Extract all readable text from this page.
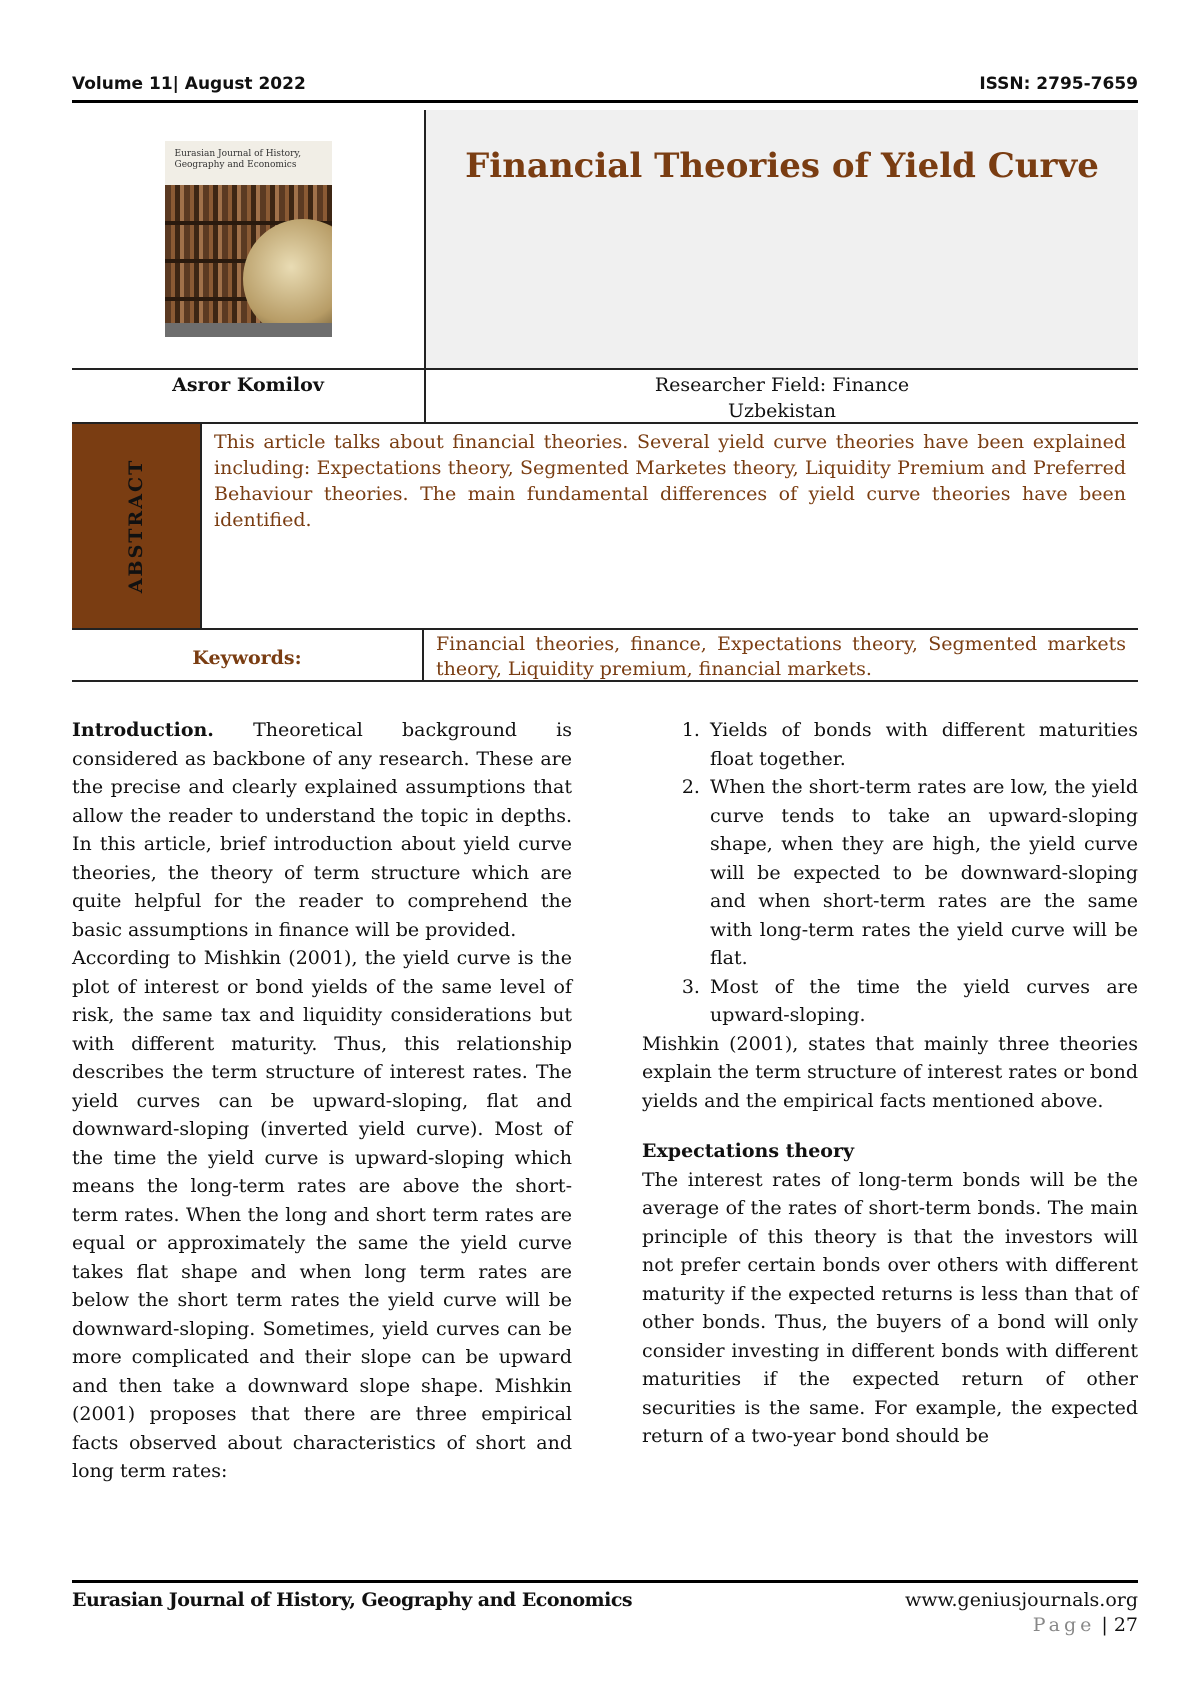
Volume 11| August 2022	ISSN: 2795-7659
Eurasian Journal of History, Geography and Economics	Financial Theories of Yield Curve
Asror Komilov	Researcher Field: Finance
Uzbekistan
ABSTRACT
This article talks about financial theories. Several yield curve theories have been explained including: Expectations theory, Segmented Marketes theory, Liquidity Premium and Preferred Behaviour theories. The main fundamental differences of yield curve theories have been identified.
Keywords:
Financial theories, finance, Expectations theory, Segmented markets theory, Liquidity premium, financial markets.

Introduction. Theoretical background is considered as backbone of any research. These are the precise and clearly explained assumptions that allow the reader to understand the topic in depths. In this article, brief introduction about yield curve theories, the theory of term structure which are quite helpful for the reader to comprehend the basic assumptions in finance will be provided.

According to Mishkin (2001), the yield curve is the plot of interest or bond yields of the same level of risk, the same tax and liquidity considerations but with different maturity. Thus, this relationship describes the term structure of interest rates. The yield curves can be upward-sloping, flat and downward-sloping (inverted yield curve). Most of the time the yield curve is upward-sloping which means the long-term rates are above the short-term rates. When the long and short term rates are equal or approximately the same the yield curve takes flat shape and when long term rates are below the short term rates the yield curve will be downward-sloping. Sometimes, yield curves can be more complicated and their slope can be upward and then take a downward slope shape. Mishkin (2001) proposes that there are three empirical facts observed about characteristics of short and long term rates:

1. Yields of bonds with different maturities float together.
2. When the short-term rates are low, the yield curve tends to take an upward-sloping shape, when they are high, the yield curve will be expected to be downward-sloping and when short-term rates are the same with long-term rates the yield curve will be flat.
3. Most of the time the yield curves are upward-sloping.

Mishkin (2001), states that mainly three theories explain the term structure of interest rates or bond yields and the empirical facts mentioned above.

Expectations theory

The interest rates of long-term bonds will be the average of the rates of short-term bonds. The main principle of this theory is that the investors will not prefer certain bonds over others with different maturity if the expected returns is less than that of other bonds. Thus, the buyers of a bond will only consider investing in different bonds with different maturities if the expected return of other securities is the same. For example, the expected return of a two-year bond should be

Eurasian Journal of History, Geography and Economics	www.geniusjournals.org
Page | 27
